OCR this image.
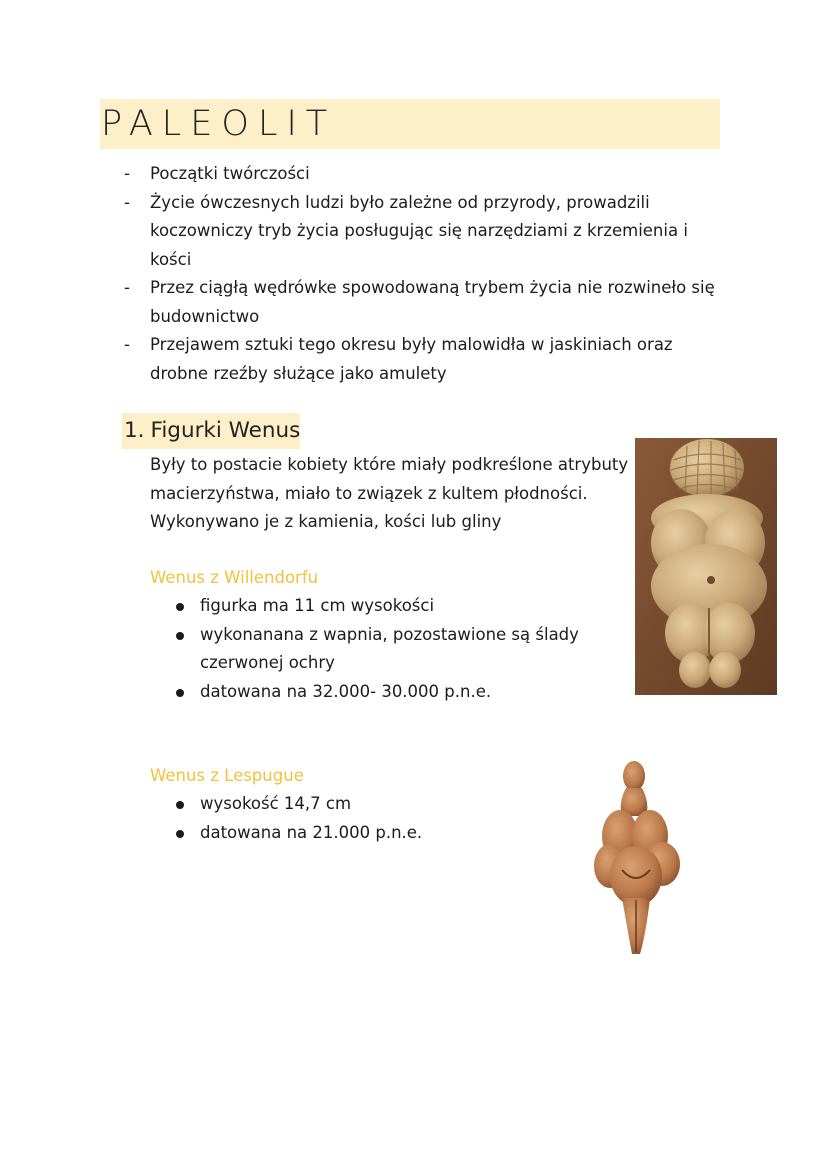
PALEOLIT
- Początki twórczości
- Życie ówczesnych ludzi było zależne od przyrody, prowadzili koczowniczy tryb życia posługując się narzędziami z krzemienia i kości
- Przez ciągłą wędrówke spowodowaną trybem życia nie rozwineło się budownictwo
- Przejawem sztuki tego okresu były malowidła w jaskiniach oraz drobne rzeźby służące jako amulety
1. Figurki Wenus

Były to postacie kobiety które miały podkreślone atrybuty macierzyństwa, miało to związek z kultem płodności. Wykonywano je z kamienia, kości lub gliny

Wenus z Willendorfu
figurka ma 11 cm wysokości
wykonanana z wapnia, pozostawione są ślady czerwonej ochry
datowana na 32.000- 30.000 p.n.e.
Wenus z Lespugue
wysokość 14,7 cm
datowana na 21.000 p.n.e.
